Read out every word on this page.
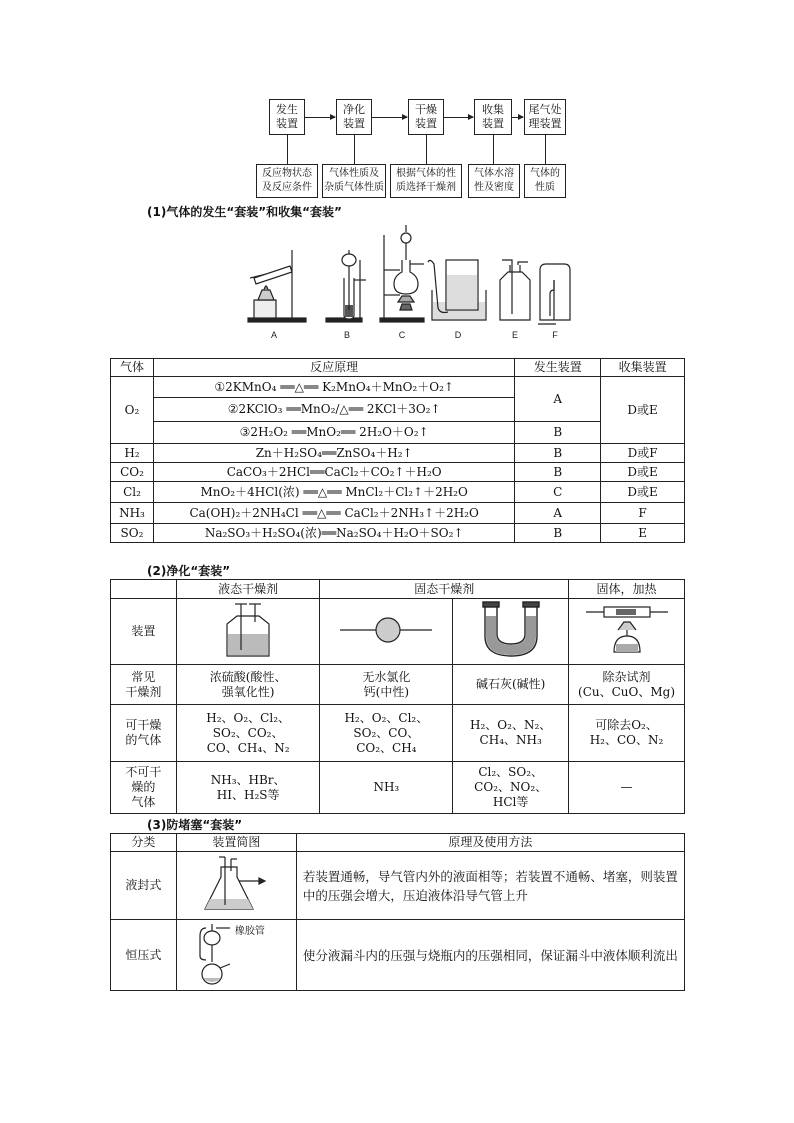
发生
装置
净化
装置
干燥
装置
收集
装置
尾气处
理装置
反应物状态
及反应条件
气体性质及
杂质气体性质
根据气体的性
质选择干燥剂
气体水溶
性及密度
气体的
性质
(1)气体的发生“套装”和收集“套装”
A	B	C	D	E	F
气体	反应原理	发生装置	收集装置
O₂	①2KMnO₄ ══△══ K₂MnO₄＋MnO₂＋O₂↑	A	D或E
	②2KClO₃ ══MnO₂/△══ 2KCl＋3O₂↑		
	③2H₂O₂ ══MnO₂══ 2H₂O＋O₂↑	B	
H₂	Zn＋H₂SO₄══ZnSO₄＋H₂↑	B	D或F
CO₂	CaCO₃＋2HCl══CaCl₂＋CO₂↑＋H₂O	B	D或E
Cl₂	MnO₂＋4HCl(浓) ══△══ MnCl₂＋Cl₂↑＋2H₂O	C	D或E
NH₃	Ca(OH)₂＋2NH₄Cl ══△══ CaCl₂＋2NH₃↑＋2H₂O	A	F
SO₂	Na₂SO₃＋H₂SO₄(浓)══Na₂SO₄＋H₂O＋SO₂↑	B	E
(2)净化“套装”
	液态干燥剂	固态干燥剂		固体，加热
装置				
常见
干燥剂	浓硫酸(酸性、
强氧化性)	无水氯化
钙(中性)	碱石灰(碱性)	除杂试剂
(Cu、CuO、Mg)
可干燥
的气体	H₂、O₂、Cl₂、
SO₂、CO₂、
CO、CH₄、N₂	H₂、O₂、Cl₂、
SO₂、CO、
CO₂、CH₄	H₂、O₂、N₂、
CH₄、NH₃	可除去O₂、
H₂、CO、N₂
不可干
燥的
气体	NH₃、HBr、
HI、H₂S等	NH₃	Cl₂、SO₂、
CO₂、NO₂、
HCl等	—
(3)防堵塞“套装”
分类	装置简图	原理及使用方法
液封式		若装置通畅，导气管内外的液面相等；若装置不通畅、堵塞，则装置中的压强会增大，压迫液体沿导气管上升
恒压式	橡胶管	使分液漏斗内的压强与烧瓶内的压强相同，保证漏斗中液体顺利流出
